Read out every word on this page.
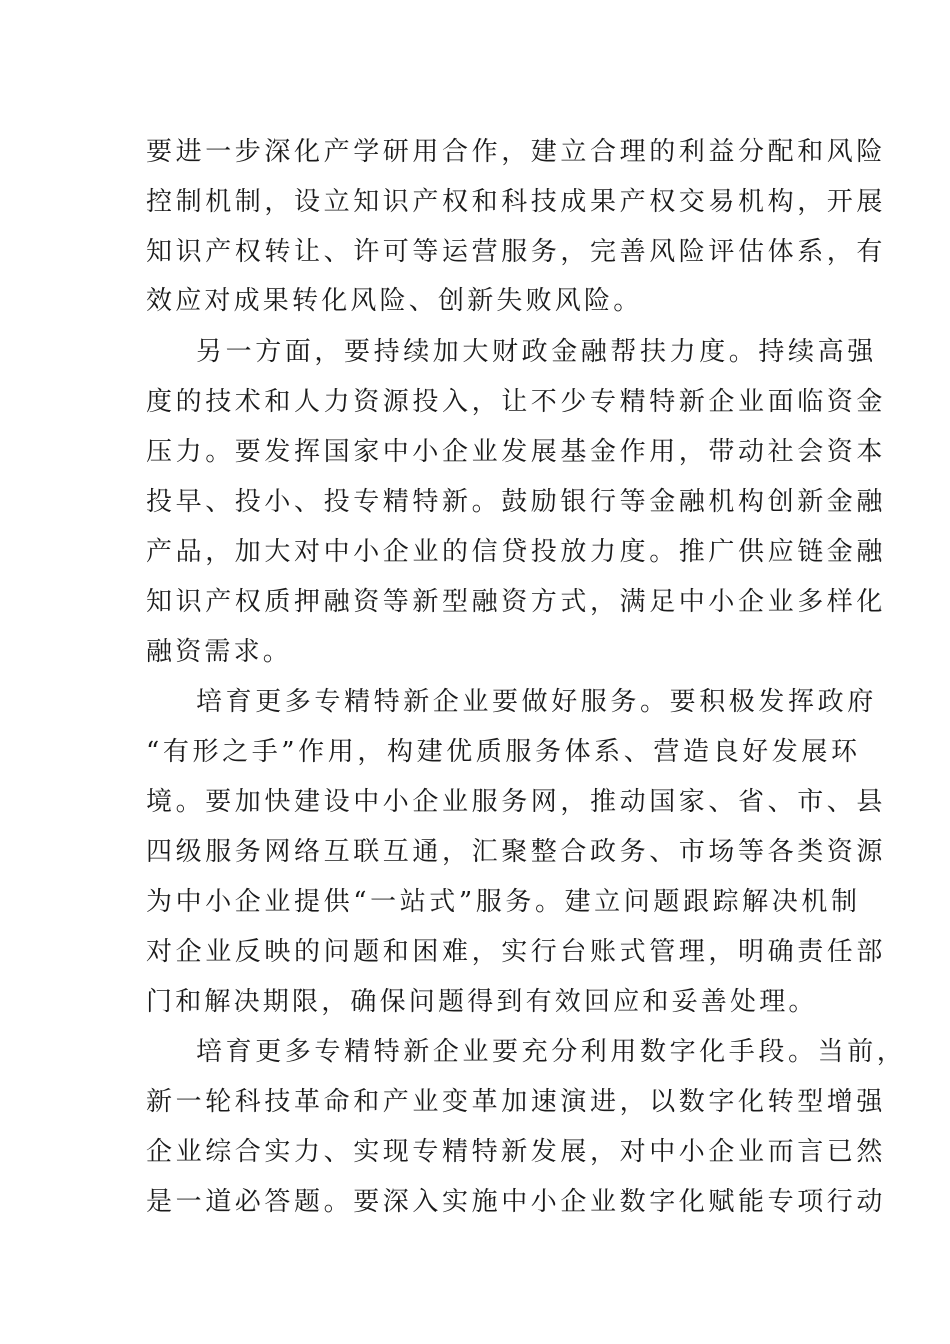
要进一步深化产学研用合作，建立合理的利益分配和风险

控制机制，设立知识产权和科技成果产权交易机构，开展

知识产权转让、许可等运营服务，完善风险评估体系，有

效应对成果转化风险、创新失败风险。

另一方面，要持续加大财政金融帮扶力度。持续高强

度的技术和人力资源投入，让不少专精特新企业面临资金

压力。要发挥国家中小企业发展基金作用，带动社会资本

投早、投小、投专精特新。鼓励银行等金融机构创新金融

产品，加大对中小企业的信贷投放力度。推广供应链金融

知识产权质押融资等新型融资方式，满足中小企业多样化

融资需求。

培育更多专精特新企业要做好服务。要积极发挥政府

“有形之手”作用，构建优质服务体系、营造良好发展环

境。要加快建设中小企业服务网，推动国家、省、市、县

四级服务网络互联互通，汇聚整合政务、市场等各类资源

为中小企业提供“一站式”服务。建立问题跟踪解决机制

对企业反映的问题和困难，实行台账式管理，明确责任部

门和解决期限，确保问题得到有效回应和妥善处理。

培育更多专精特新企业要充分利用数字化手段。当前，

新一轮科技革命和产业变革加速演进，以数字化转型增强

企业综合实力、实现专精特新发展，对中小企业而言已然

是一道必答题。要深入实施中小企业数字化赋能专项行动
